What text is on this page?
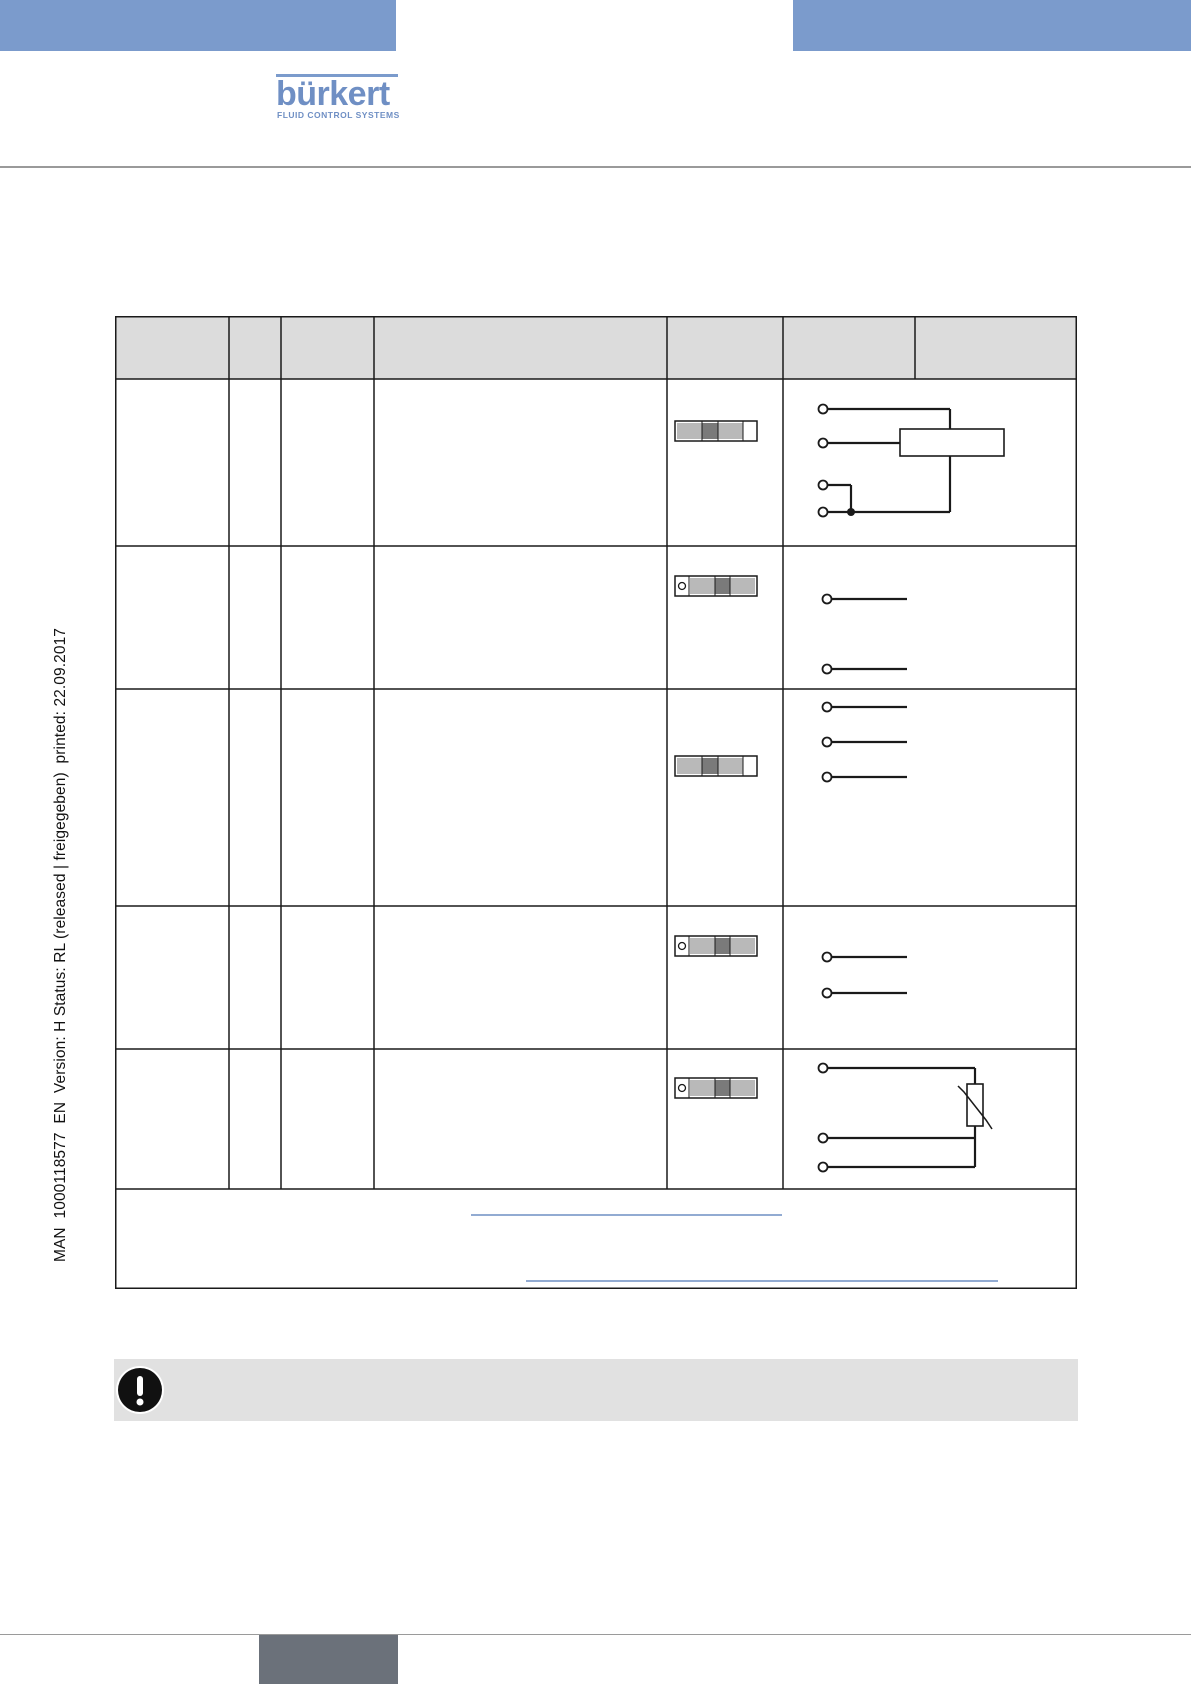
bürkert
FLUID CONTROL SYSTEMS
MAN  1000118577  EN  Version: H Status: RL (released | freigegeben)  printed: 22.09.2017
